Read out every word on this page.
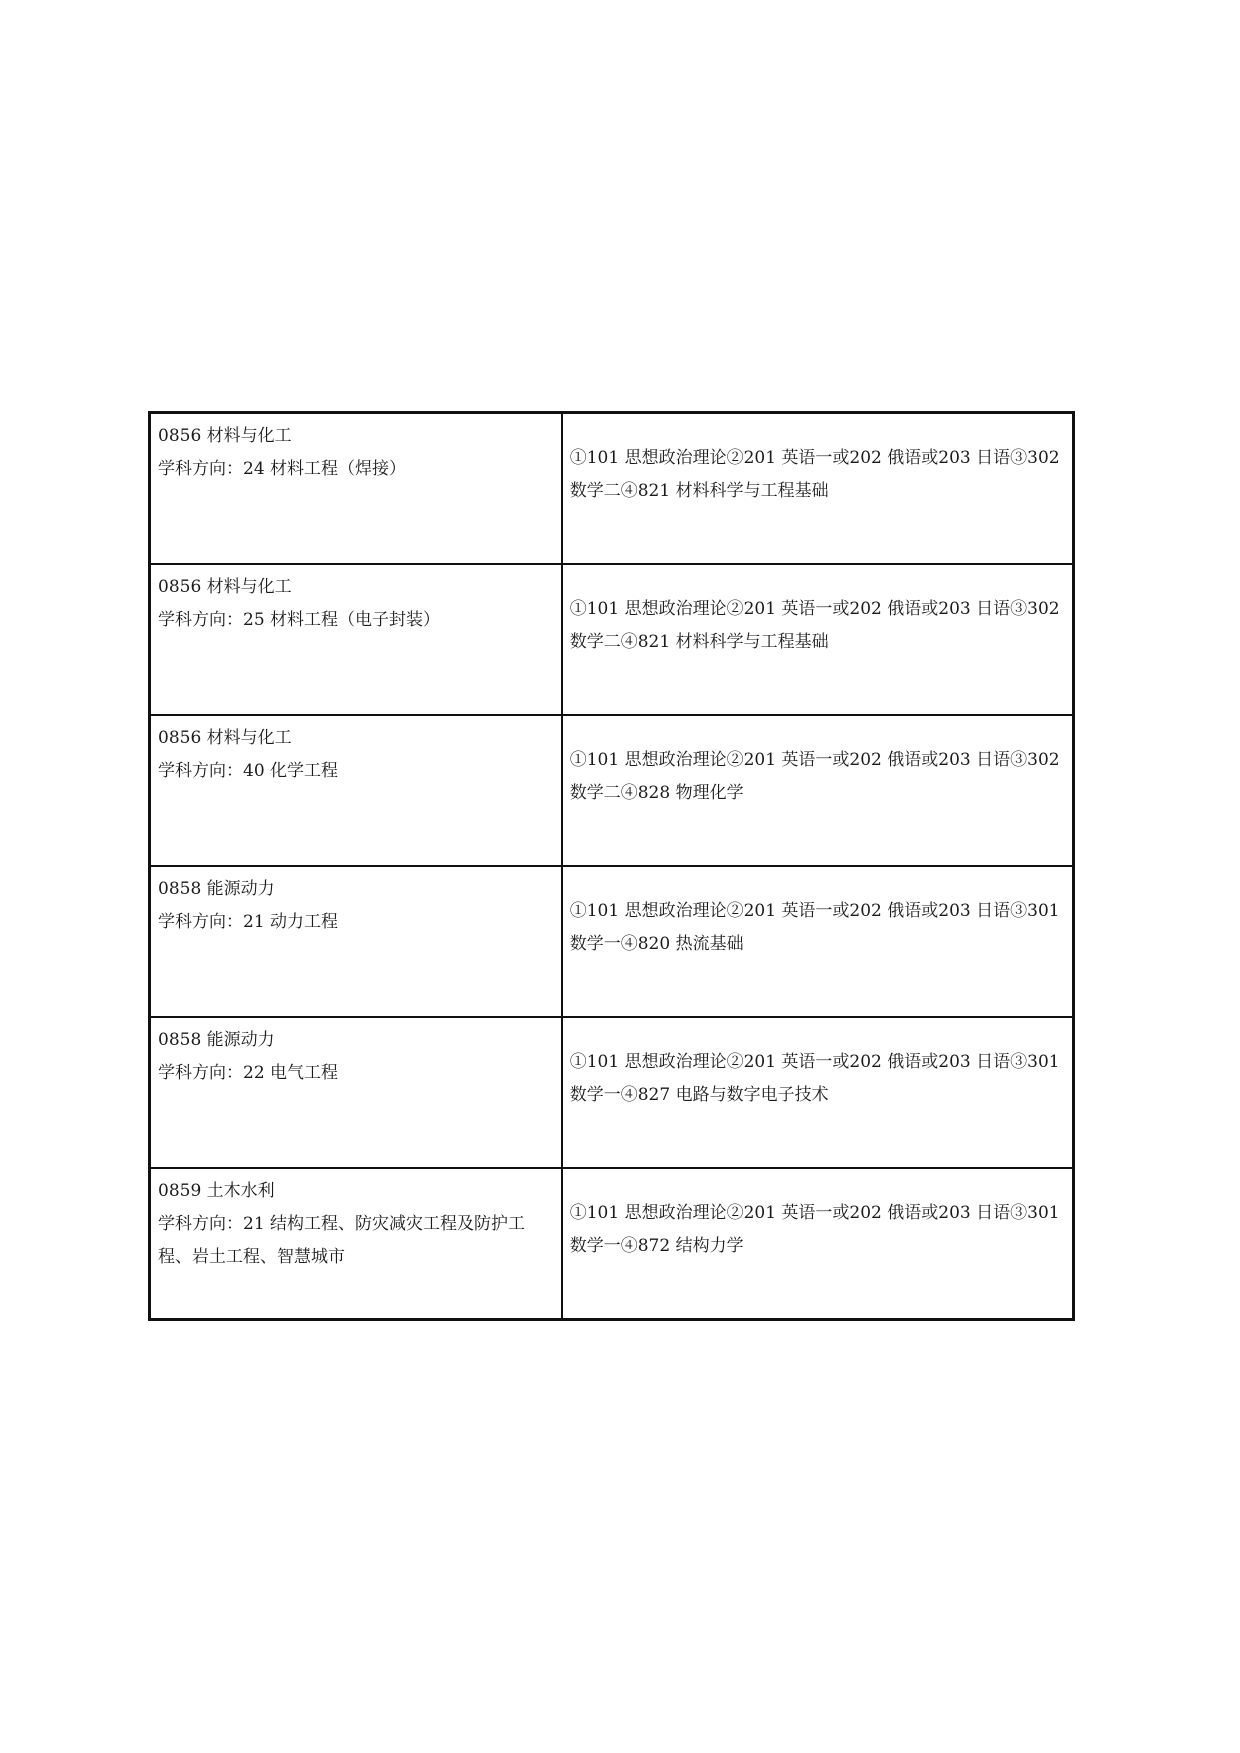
0856 材料与化工
学科方向：24 材料工程（焊接）	①101 思想政治理论②201 英语一或202 俄语或203 日语③302
数学二④821 材料科学与工程基础

0856 材料与化工
学科方向：25 材料工程（电子封装）	①101 思想政治理论②201 英语一或202 俄语或203 日语③302
数学二④821 材料科学与工程基础

0856 材料与化工
学科方向：40 化学工程	①101 思想政治理论②201 英语一或202 俄语或203 日语③302
数学二④828 物理化学

0858 能源动力
学科方向：21 动力工程	①101 思想政治理论②201 英语一或202 俄语或203 日语③301
数学一④820 热流基础

0858 能源动力
学科方向：22 电气工程	①101 思想政治理论②201 英语一或202 俄语或203 日语③301
数学一④827 电路与数字电子技术

0859 土木水利
学科方向：21 结构工程、防灾减灾工程及防护工程、岩土工程、智慧城市	①101 思想政治理论②201 英语一或202 俄语或203 日语③301
数学一④872 结构力学
